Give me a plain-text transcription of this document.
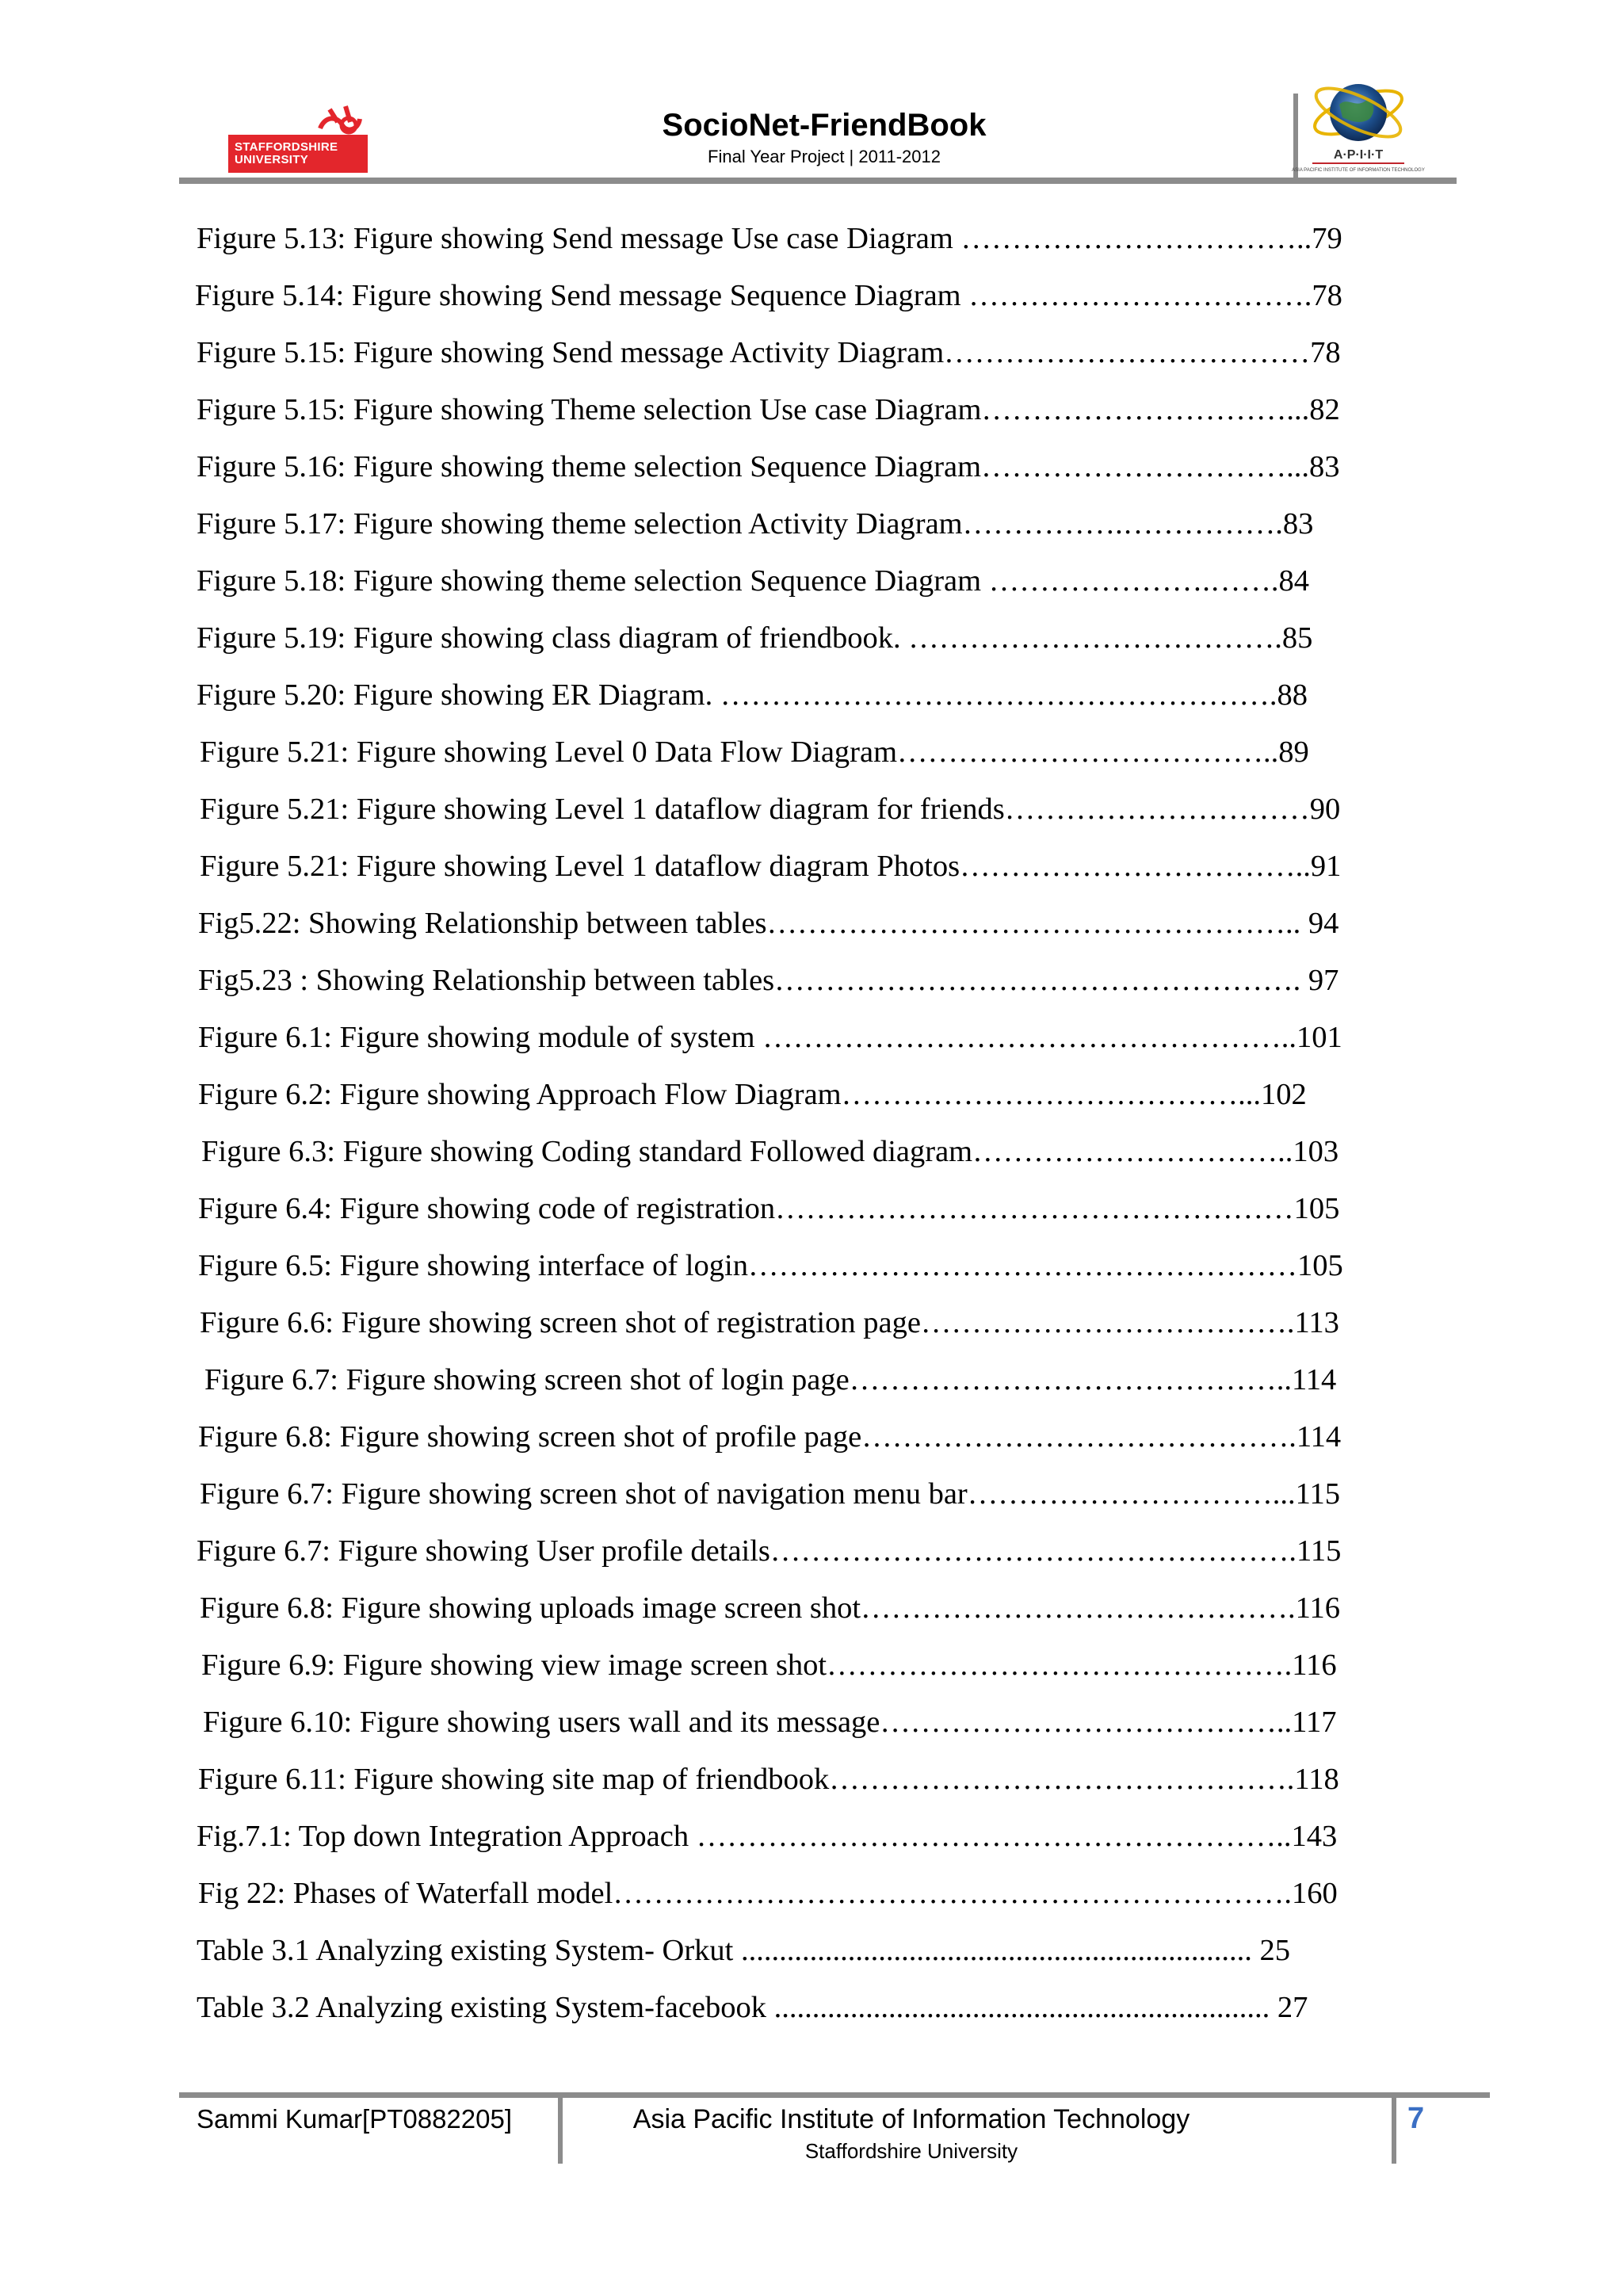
STAFFORDSHIRE UNIVERSITY
SocioNet-FriendBook
Final Year Project | 2011-2012	A·P·I·I·T
ASIA PACIFIC INSTITUTE OF INFORMATION TECHNOLOGY
Figure 5.13: Figure showing Send message Use case Diagram ……………………………..79
Figure 5.14: Figure showing Send message Sequence Diagram …………………………….78
Figure 5.15: Figure showing Send message Activity Diagram………………………………78
Figure 5.15: Figure showing Theme selection Use case Diagram…………………………...82
Figure 5.16: Figure showing theme selection Sequence Diagram…………………………...83
Figure 5.17: Figure showing theme selection Activity Diagram…………….…………….83
Figure 5.18: Figure showing theme selection Sequence Diagram ………………….…….84
Figure 5.19: Figure showing class diagram of friendbook. ……………………………….85
Figure 5.20: Figure showing ER Diagram. ……………………………………………….88
Figure 5.21: Figure showing Level 0 Data Flow Diagram………………………………..89
Figure 5.21: Figure showing Level 1 dataflow diagram for friends…………………………90
Figure 5.21: Figure showing Level 1 dataflow diagram Photos……………………………..91
Fig5.22: Showing Relationship between tables…………………………………………….. 94
Fig5.23 : Showing Relationship between tables……………………………………………. 97
Figure 6.1: Figure showing module of system ……………………………………………..101
Figure 6.2: Figure showing Approach Flow Diagram…………………………………...102
Figure 6.3: Figure showing Coding standard Followed diagram…………………………..103
Figure 6.4: Figure showing code of registration……………………………………………105
Figure 6.5: Figure showing interface of login………………………………………………105
Figure 6.6: Figure showing screen shot of registration page……………………………….113
Figure 6.7: Figure showing screen shot of login page……………………………………..114
Figure 6.8: Figure showing screen shot of profile page…………………………………….114
Figure 6.7: Figure showing screen shot of navigation menu bar…………………………...115
Figure 6.7: Figure showing User profile details…………………………………………….115
Figure 6.8: Figure showing uploads image screen shot…………………………………….116
Figure 6.9: Figure showing view image screen shot……………………………………….116
Figure 6.10: Figure showing users wall and its message…………………………………..117
Figure 6.11: Figure showing site map of friendbook……………………………………….118
Fig.7.1: Top down Integration Approach …………………………………………………..143
Fig 22: Phases of Waterfall model………………………………………………………….160
Table 3.1 Analyzing existing System- Orkut ................................................................... 25
Table 3.2 Analyzing existing System-facebook ................................................................. 27
Sammi Kumar[PT0882205]	Asia Pacific Institute of Information Technology
Staffordshire University
7
